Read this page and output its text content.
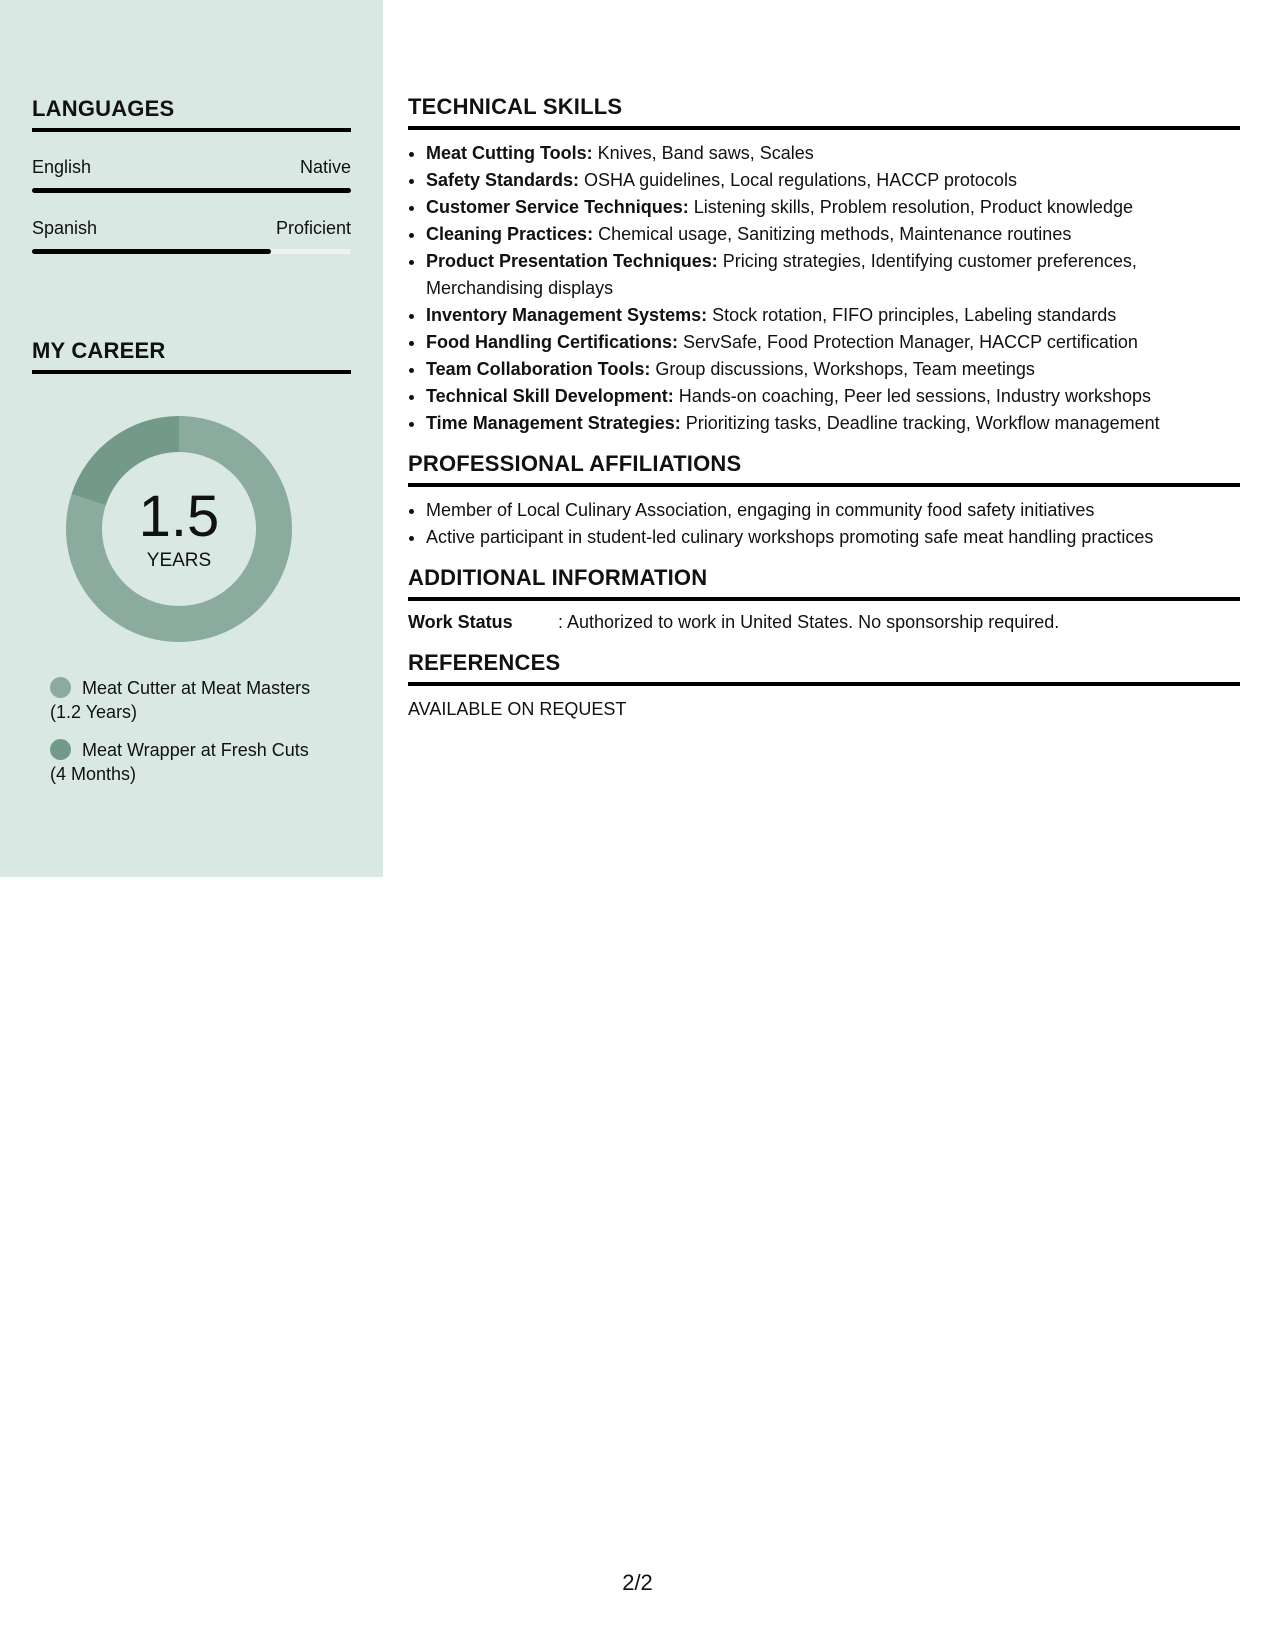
LANGUAGES
English	Native
Spanish	Proficient
MY CAREER
1.5
YEARS
Meat Cutter at Meat Masters
(1.2 Years)
Meat Wrapper at Fresh Cuts
(4 Months)
TECHNICAL SKILLS
• Meat Cutting Tools: Knives, Band saws, Scales
• Safety Standards: OSHA guidelines, Local regulations, HACCP protocols
• Customer Service Techniques: Listening skills, Problem resolution, Product knowledge
• Cleaning Practices: Chemical usage, Sanitizing methods, Maintenance routines
• Product Presentation Techniques: Pricing strategies, Identifying customer preferences, Merchandising displays
• Inventory Management Systems: Stock rotation, FIFO principles, Labeling standards
• Food Handling Certifications: ServSafe, Food Protection Manager, HACCP certification
• Team Collaboration Tools: Group discussions, Workshops, Team meetings
• Technical Skill Development: Hands-on coaching, Peer led sessions, Industry workshops
• Time Management Strategies: Prioritizing tasks, Deadline tracking, Workflow management
PROFESSIONAL AFFILIATIONS
• Member of Local Culinary Association, engaging in community food safety initiatives
• Active participant in student-led culinary workshops promoting safe meat handling practices
ADDITIONAL INFORMATION
Work Status	: Authorized to work in United States. No sponsorship required.
REFERENCES
AVAILABLE ON REQUEST
2/2
